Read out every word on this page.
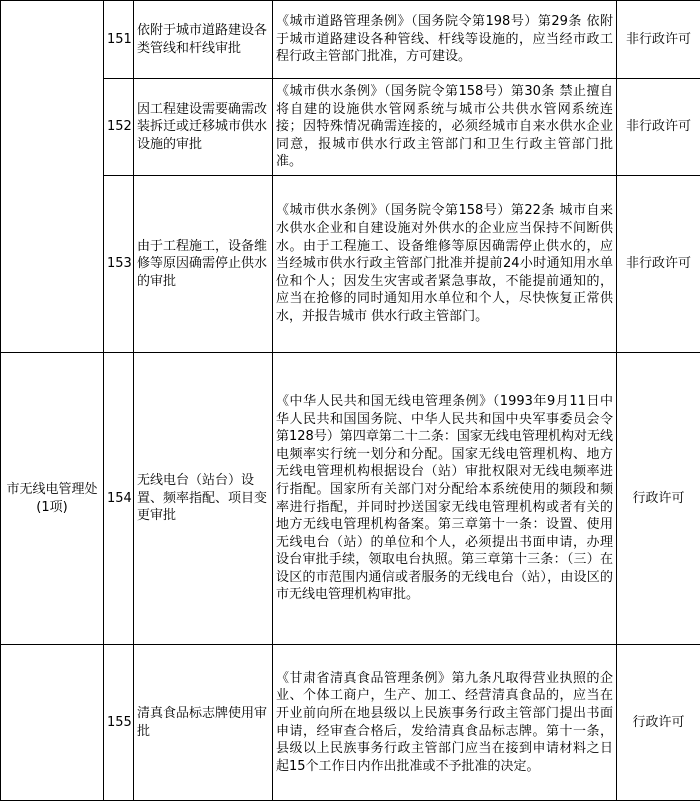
	151	依附于城市道路建设各类管线和杆线审批	《城市道路管理条例》（国务院令第198号）第29条 依附于城市道路建设各种管线、杆线等设施的，应当经市政工程行政主管部门批准，方可建设。	非行政许可
	152	因工程建设需要确需改装拆迁或迁移城市供水设施的审批	《城市供水条例》（国务院令第158号）第30条 禁止擅自将自建的设施供水管网系统与城市公共供水管网系统连接；因特殊情况确需连接的，必须经城市自来水供水企业同意，报城市供水行政主管部门和卫生行政主管部门批准。	非行政许可
	153	由于工程施工，设备维修等原因确需停止供水的审批	《城市供水条例》（国务院令第158号）第22条 城市自来水供水企业和自建设施对外供水的企业应当保持不间断供水。由于工程施工、设备维修等原因确需停止供水的，应当经城市供水行政主管部门批准并提前24小时通知用水单位和个人；因发生灾害或者紧急事故，不能提前通知的，应当在抢修的同时通知用水单位和个人，尽快恢复正常供水，并报告城市 供水行政主管部门。	非行政许可
市无线电管理处(1项)	154	无线电台（站台）设置、频率指配、项目变更审批	《中华人民共和国无线电管理条例》（1993年9月11日中华人民共和国国务院、中华人民共和国中央军事委员会令第128号）第四章第二十二条：国家无线电管理机构对无线电频率实行统一划分和分配。国家无线电管理机构、地方无线电管理机构根据设台（站）审批权限对无线电频率进行指配。国家所有关部门对分配给本系统使用的频段和频率进行指配，并同时抄送国家无线电管理机构或者有关的地方无线电管理机构备案。第三章第十一条：设置、使用无线电台（站）的单位和个人，必须提出书面申请，办理设台审批手续，领取电台执照。第三章第十三条：（三）在设区的市范围内通信或者服务的无线电台（站），由设区的市无线电管理机构审批。	行政许可
	155	清真食品标志牌使用审批	《甘肃省清真食品管理条例》第九条凡取得营业执照的企业、个体工商户，生产、加工、经营清真食品的，应当在开业前向所在地县级以上民族事务行政主管部门提出书面申请，经审查合格后，发给清真食品标志牌。第十一条，县级以上民族事务行政主管部门应当在接到申请材料之日起15个工作日内作出批准或不予批准的决定。	行政许可
